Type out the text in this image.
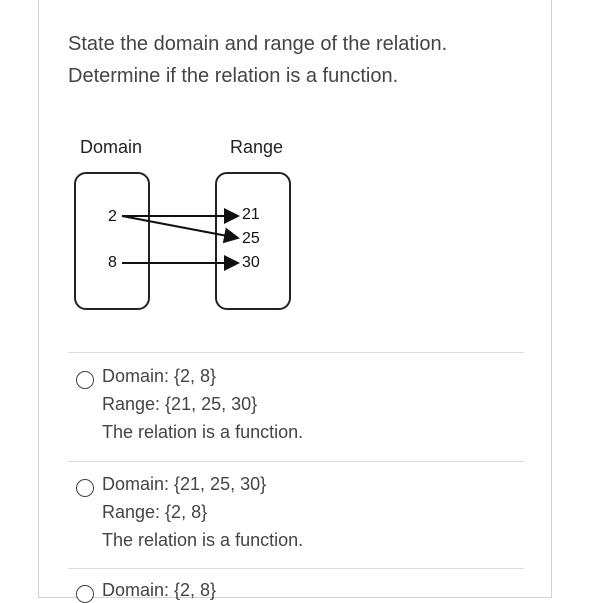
State the domain and range of the relation.
Determine if the relation is a function.
Domain	Range
2
8
21
25
30
Domain: {2, 8}
Range: {21, 25, 30}
The relation is a function.
Domain: {21, 25, 30}
Range: {2, 8}
The relation is a function.
Domain: {2, 8}
